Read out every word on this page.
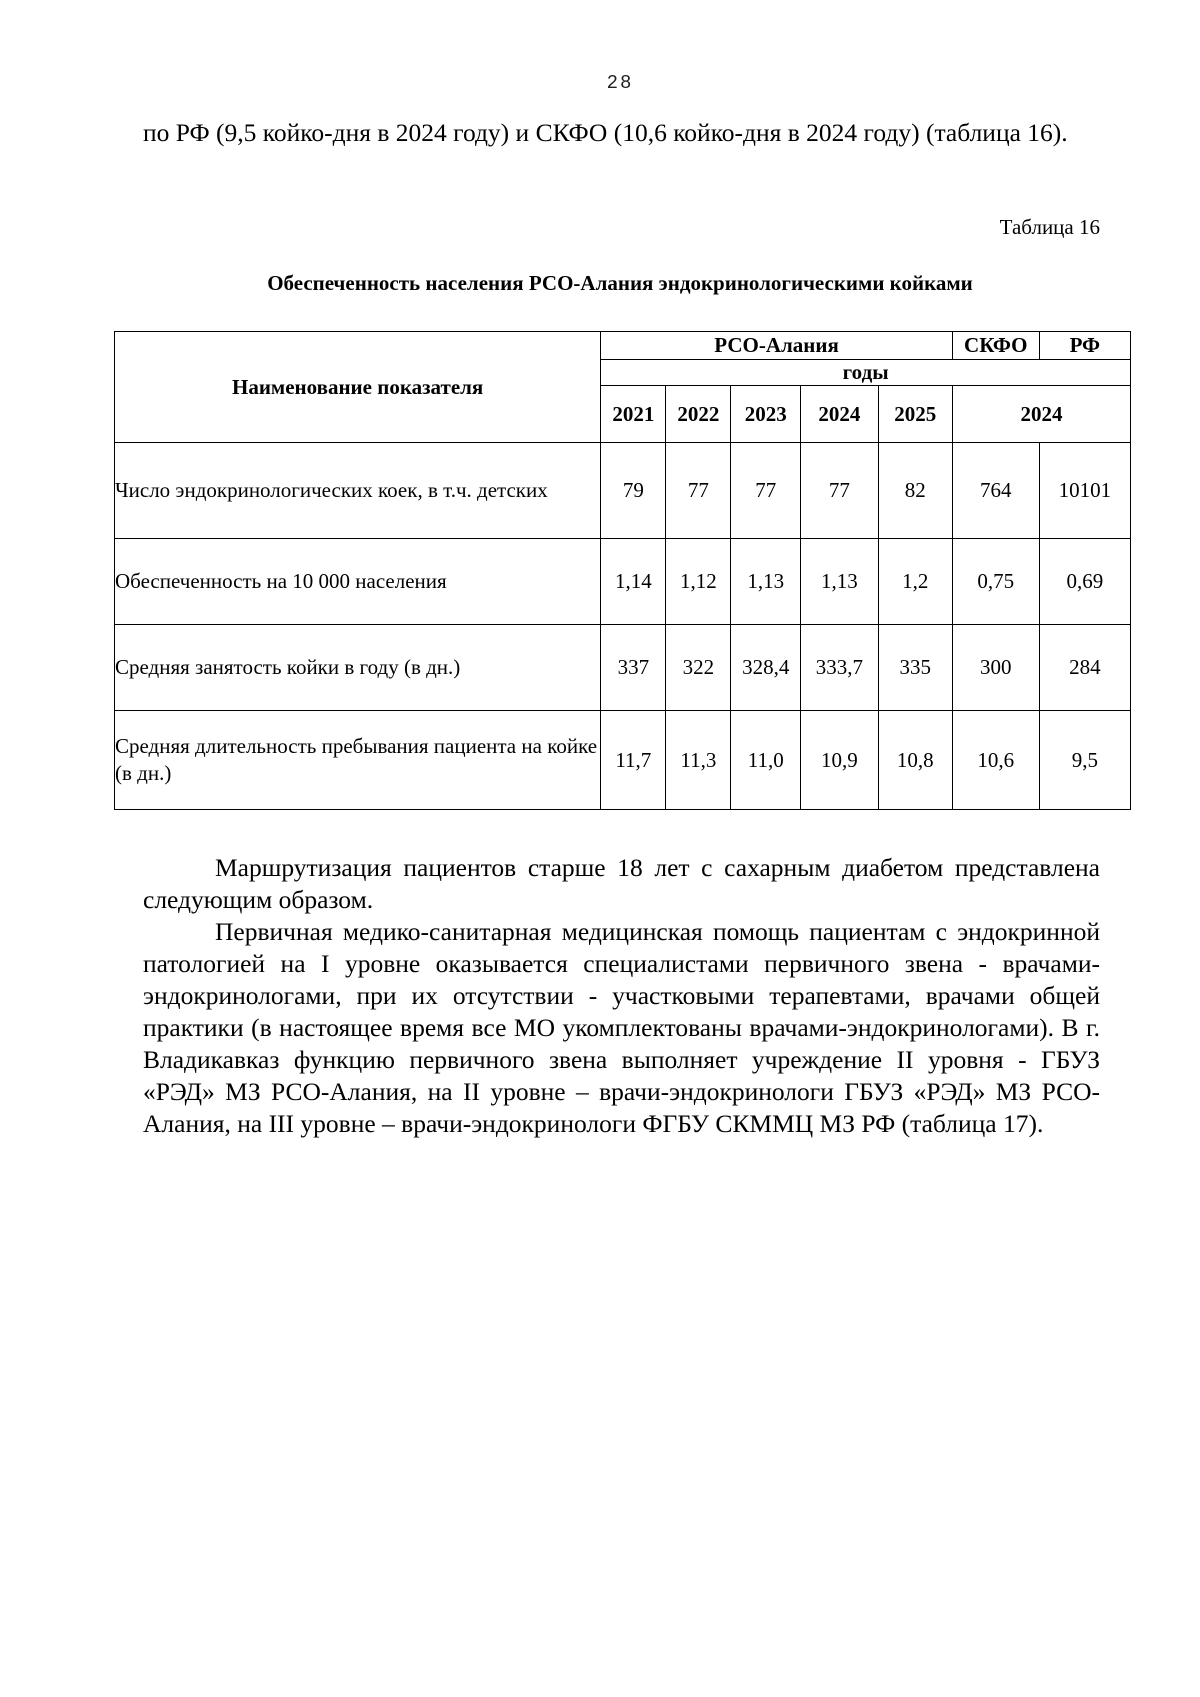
28

по РФ (9,5 койко-дня в 2024 году) и СКФО (10,6 койко-дня в 2024 году) (таблица 16).

Таблица 16
Обеспеченность населения РСО-Алания эндокринологическими койками
Наименование показателя	РСО-Алания					СКФО	РФ
	годы						
	2021	2022	2023	2024	2025	2024	
Число эндокринологических коек, в т.ч. детских	79	77	77	77	82	764	10101
Обеспеченность на 10 000 населения	1,14	1,12	1,13	1,13	1,2	0,75	0,69
Средняя занятость койки в году (в дн.)	337	322	328,4	333,7	335	300	284
Средняя длительность пребывания пациента на койке (в дн.)	11,7	11,3	11,0	10,9	10,8	10,6	9,5

Маршрутизация пациентов старше 18 лет с сахарным диабетом представлена следующим образом.

Первичная медико-санитарная медицинская помощь пациентам с эндокринной патологией на I уровне оказывается специалистами первичного звена - врачами-эндокринологами, при их отсутствии - участковыми терапевтами, врачами общей практики (в настоящее время все МО укомплектованы врачами-эндокринологами). В г. Владикавказ функцию первичного звена выполняет учреждение II уровня - ГБУЗ «РЭД» МЗ РСО-Алания, на II уровне – врачи-эндокринологи ГБУЗ «РЭД» МЗ РСО-Алания, на III уровне – врачи-эндокринологи ФГБУ СКММЦ МЗ РФ (таблица 17).
